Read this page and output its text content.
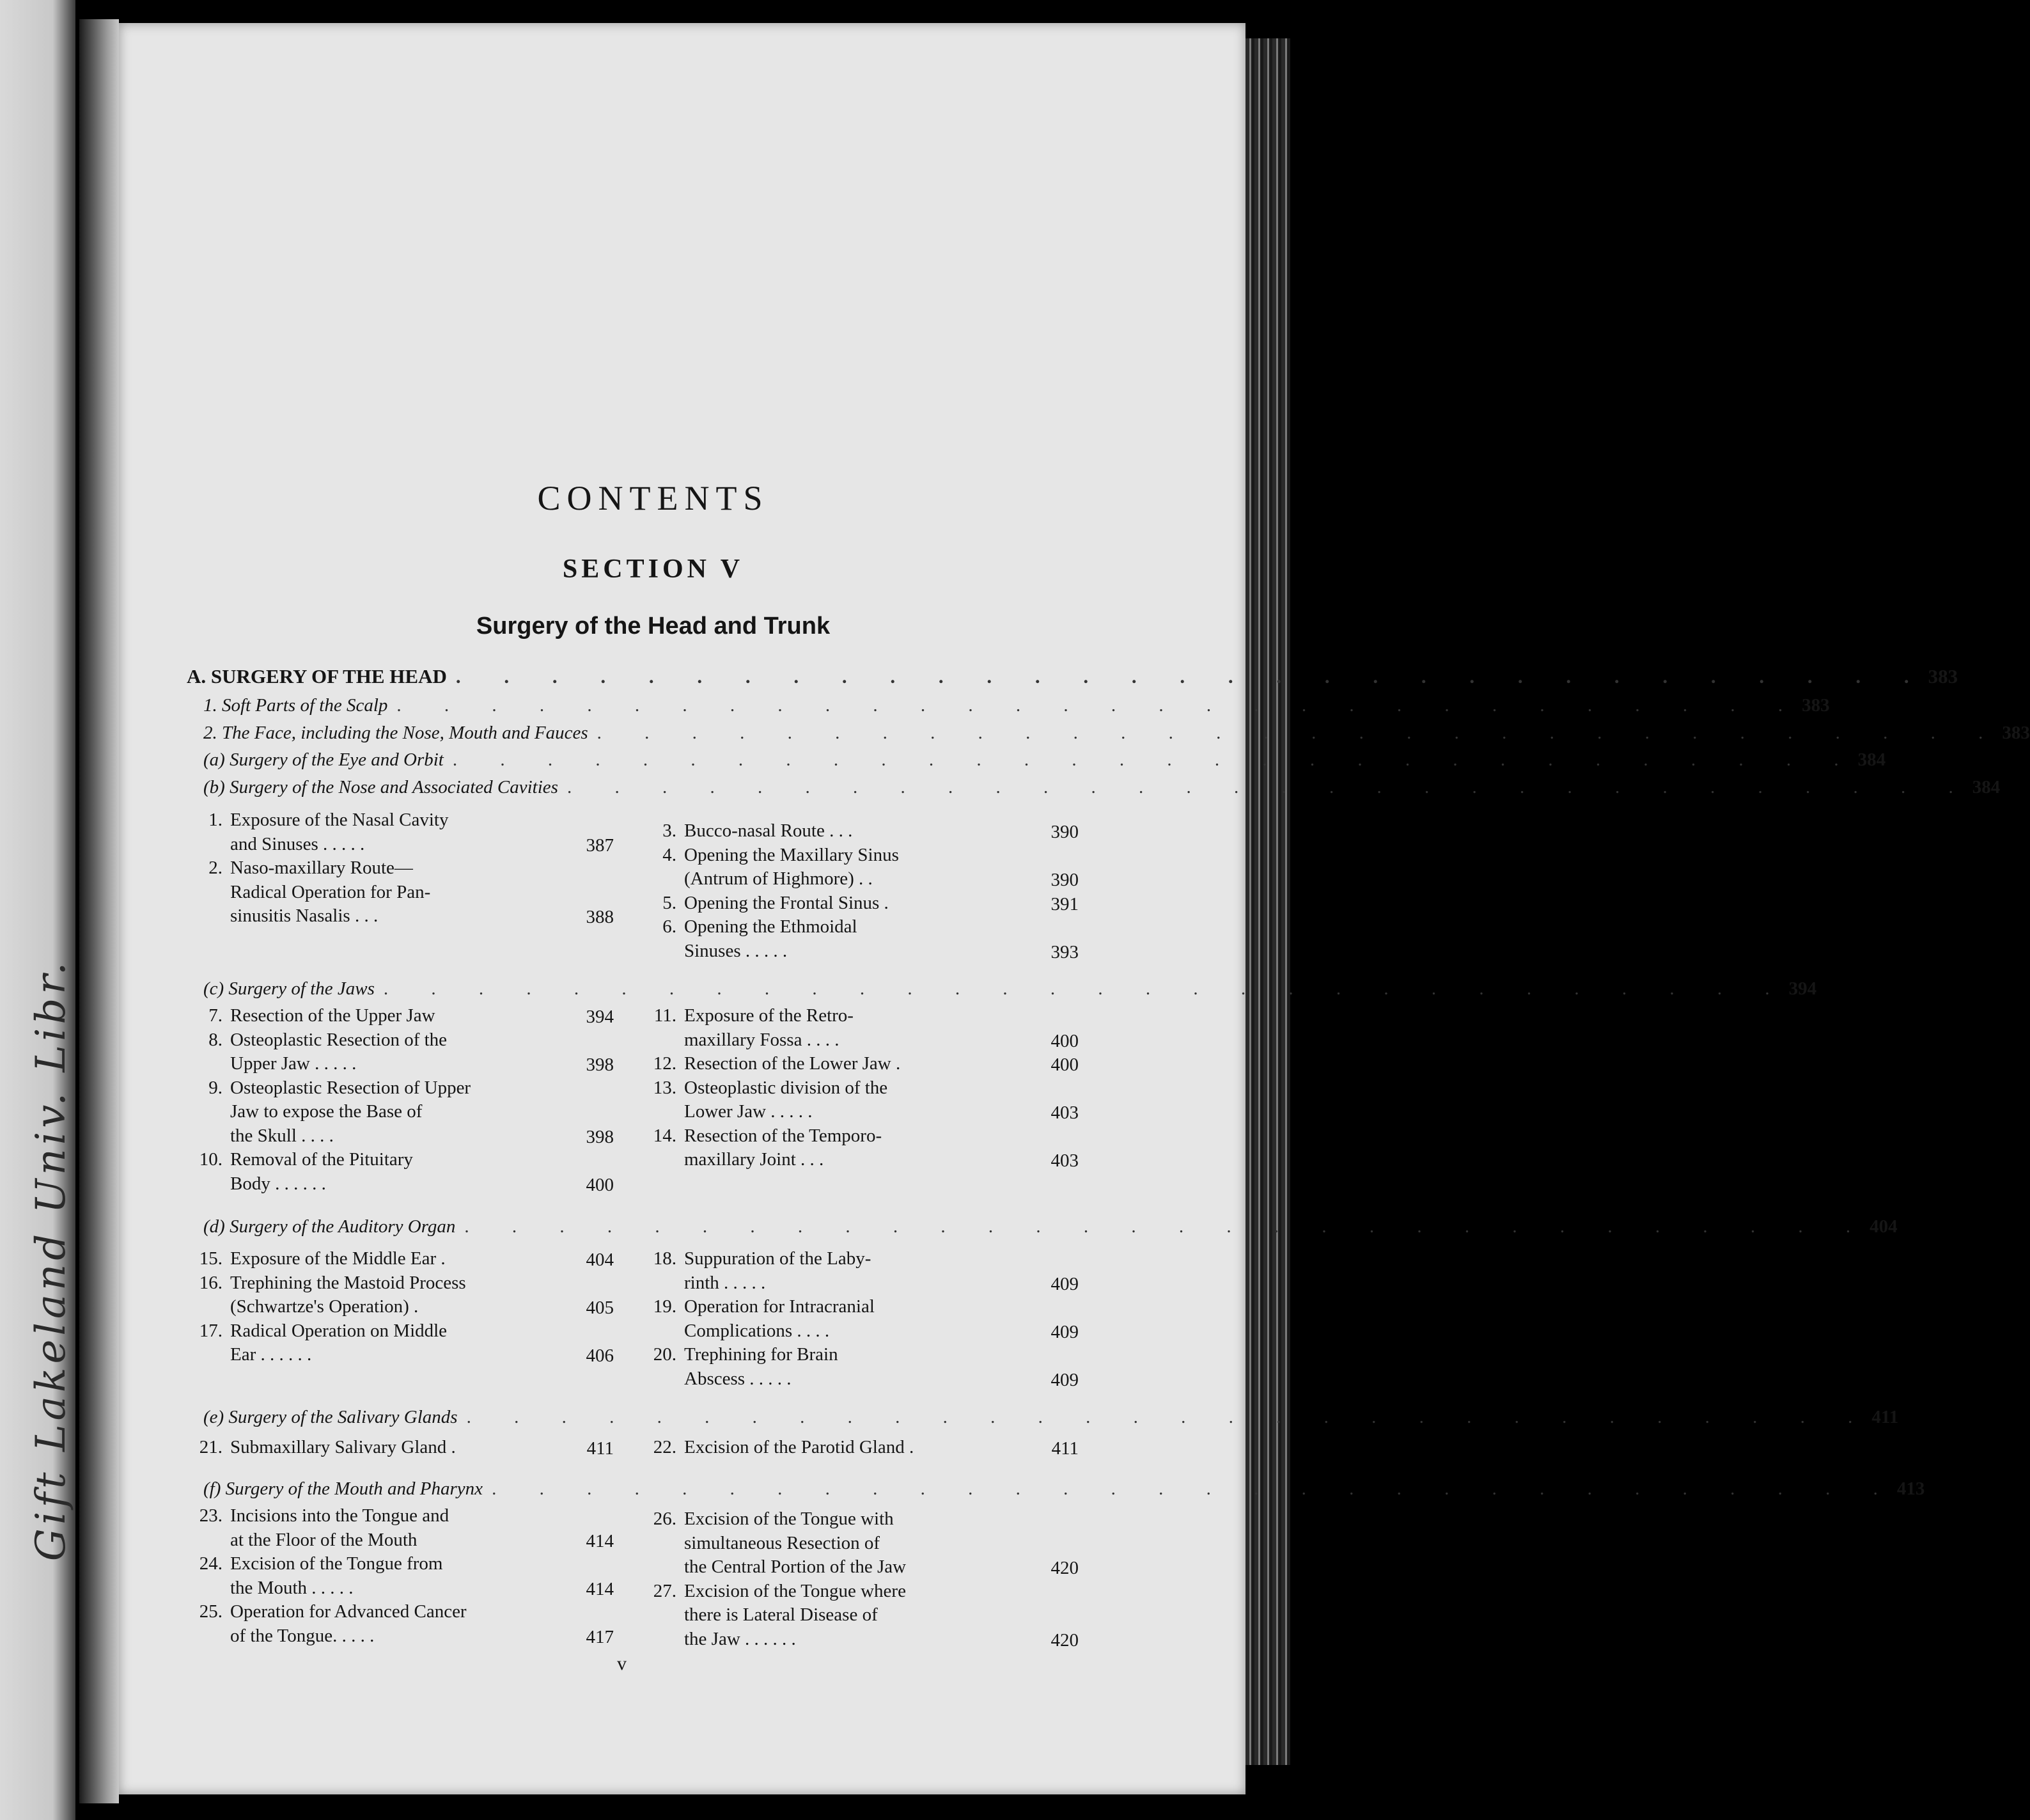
Gift Lakeland Univ. Libr.
CONTENTS
SECTION V
Surgery of the Head and Trunk
A. SURGERY OF THE HEAD . . . . . . . . . . . . . . . . . . . . . . . . . . . . . . . 383
1. Soft Parts of the Scalp . . . . . . . . . . . . . . . . . . . . . . . . . . . . . . 383
2. The Face, including the Nose, Mouth and Fauces . . . . . . . . . . . . . . . . . . . . . . . . . . . . . . 383
(a) Surgery of the Eye and Orbit . . . . . . . . . . . . . . . . . . . . . . . . . . . . . . 384
(b) Surgery of the Nose and Associated Cavities . . . . . . . . . . . . . . . . . . . . . . . . . . . . . . 384
(c) Surgery of the Jaws . . . . . . . . . . . . . . . . . . . . . . . . . . . . . . 394
(d) Surgery of the Auditory Organ . . . . . . . . . . . . . . . . . . . . . . . . . . . . . . 404
(e) Surgery of the Salivary Glands . . . . . . . . . . . . . . . . . . . . . . . . . . . . . . 411
(f) Surgery of the Mouth and Pharynx . . . . . . . . . . . . . . . . . . . . . . . . . . . . . . 413
387
388
1. Exposure of the Nasal Cavity
and Sinuses . . . . .
2. Naso-maxillary Route—
Radical Operation for Pan-
sinusitis Nasalis . . .
390
390
391
393
3. Bucco-nasal Route . . .
4. Opening the Maxillary Sinus
(Antrum of Highmore) . .
5. Opening the Frontal Sinus .
6. Opening the Ethmoidal
Sinuses . . . . .
394
398
398
400
7. Resection of the Upper Jaw
8. Osteoplastic Resection of the
Upper Jaw . . . . .
9. Osteoplastic Resection of Upper
Jaw to expose the Base of
the Skull . . . .
10. Removal of the Pituitary
Body . . . . . .
400
400
403
403
11. Exposure of the Retro-
maxillary Fossa . . . .
12. Resection of the Lower Jaw .
13. Osteoplastic division of the
Lower Jaw . . . . .
14. Resection of the Temporo-
maxillary Joint . . .
404
405
406
15. Exposure of the Middle Ear .
16. Trephining the Mastoid Process
(Schwartze's Operation) .
17. Radical Operation on Middle
Ear . . . . . .
409
409
409
18. Suppuration of the Laby-
rinth . . . . .
19. Operation for Intracranial
Complications . . . .
20. Trephining for Brain
Abscess . . . . .
411
21. Submaxillary Salivary Gland .	411
22. Excision of the Parotid Gland .
414
414
417
23. Incisions into the Tongue and
at the Floor of the Mouth
24. Excision of the Tongue from
the Mouth . . . . .
25. Operation for Advanced Cancer
of the Tongue. . . . .
420
420
26. Excision of the Tongue with
simultaneous Resection of
the Central Portion of the Jaw
27. Excision of the Tongue where
there is Lateral Disease of
the Jaw . . . . . .
v
